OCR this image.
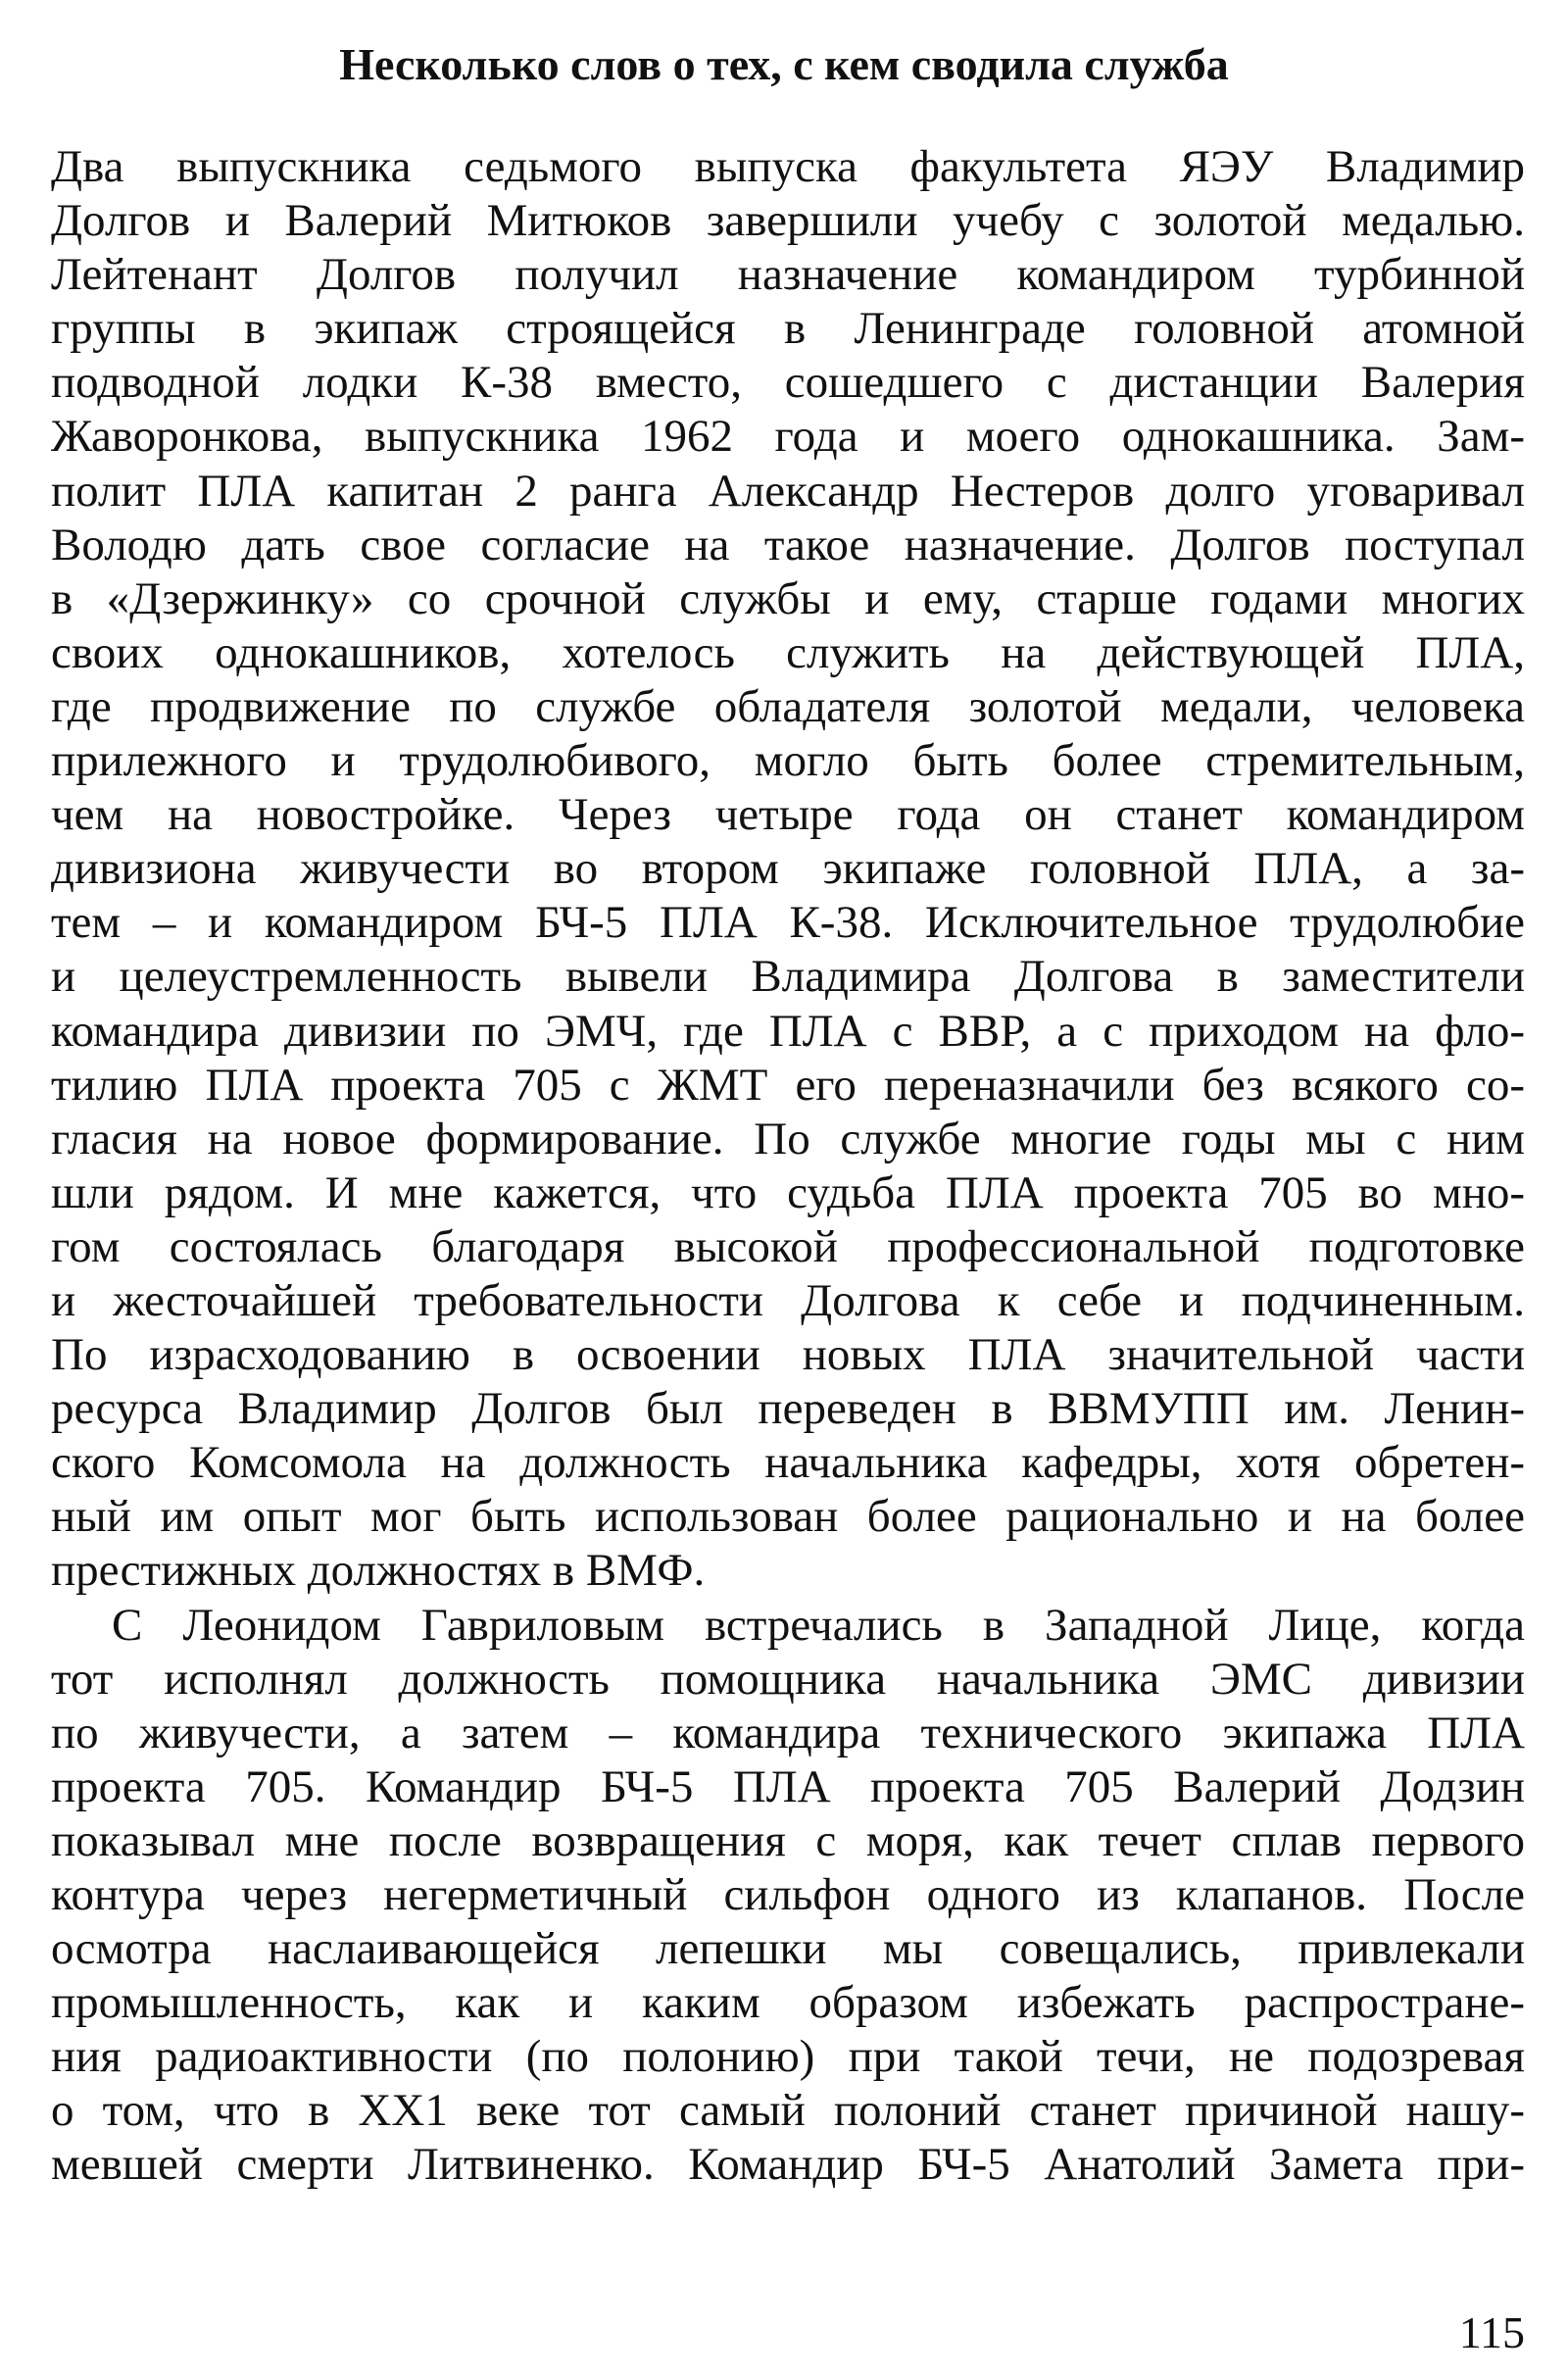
Несколько слов о тех, с кем сводила служба
Два выпускника седьмого выпуска факультета ЯЭУ Владимир
Долгов и Валерий Митюков завершили учебу с золотой медалью.
Лейтенант Долгов получил назначение командиром турбинной
группы в экипаж строящейся в Ленинграде головной атомной
подводной лодки К-38 вместо, сошедшего с дистанции Валерия
Жаворонкова, выпускника 1962 года и моего однокашника. Зам-
полит ПЛА капитан 2 ранга Александр Нестеров долго уговаривал
Володю дать свое согласие на такое назначение. Долгов поступал
в «Дзержинку» со срочной службы и ему, старше годами многих
своих однокашников, хотелось служить на действующей ПЛА,
где продвижение по службе обладателя золотой медали, человека
прилежного и трудолюбивого, могло быть более стремительным,
чем на новостройке. Через четыре года он станет командиром
дивизиона живучести во втором экипаже головной ПЛА, а за-
тем – и командиром БЧ-5 ПЛА К-38. Исключительное трудолюбие
и целеустремленность вывели Владимира Долгова в заместители
командира дивизии по ЭМЧ, где ПЛА с ВВР, а с приходом на фло-
тилию ПЛА проекта 705 с ЖМТ его переназначили без всякого со-
гласия на новое формирование. По службе многие годы мы с ним
шли рядом. И мне кажется, что судьба ПЛА проекта 705 во мно-
гом состоялась благодаря высокой профессиональной подготовке
и жесточайшей требовательности Долгова к себе и подчиненным.
По израсходованию в освоении новых ПЛА значительной части
ресурса Владимир Долгов был переведен в ВВМУПП им. Ленин-
ского Комсомола на должность начальника кафедры, хотя обретен-
ный им опыт мог быть использован более рационально и на более
престижных должностях в ВМФ.
С Леонидом Гавриловым встречались в Западной Лице, когда
тот исполнял должность помощника начальника ЭМС дивизии
по живучести, а затем – командира технического экипажа ПЛА
проекта 705. Командир БЧ-5 ПЛА проекта 705 Валерий Додзин
показывал мне после возвращения с моря, как течет сплав первого
контура через негерметичный сильфон одного из клапанов. После
осмотра наслаивающейся лепешки мы совещались, привлекали
промышленность, как и каким образом избежать распростране-
ния радиоактивности (по полонию) при такой течи, не подозревая
о том, что в XX1 веке тот самый полоний станет причиной нашу-
мевшей смерти Литвиненко. Командир БЧ-5 Анатолий Замета при-
115
